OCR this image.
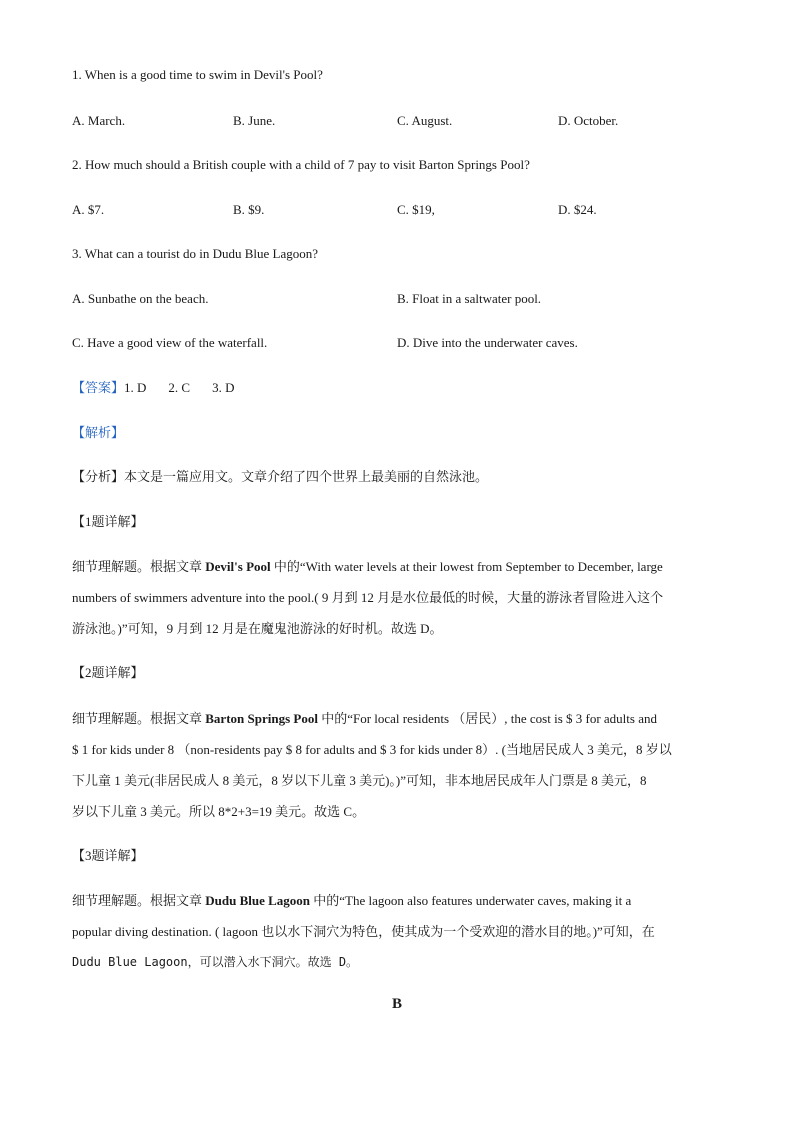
1. When is a good time to swim in Devil's Pool?
A. March.	B. June.	C. August.	D. October.
2. How much should a British couple with a child of 7 pay to visit Barton Springs Pool?
A. $7.	B. $9.	C. $19,	D. $24.
3. What can a tourist do in Dudu Blue Lagoon?
A. Sunbathe on the beach.	B. Float in a saltwater pool.
C. Have a good view of the waterfall.	D. Dive into the underwater caves.
【答案】1. D 2. C 3. D
【解析】
【分析】本文是一篇应用文。文章介绍了四个世界上最美丽的自然泳池。
【1题详解】
细节理解题。根据文章 Devil's Pool 中的“With water levels at their lowest from September to December, large
numbers of swimmers adventure into the pool.( 9 月到 12 月是水位最低的时候，大量的游泳者冒险进入这个
游泳池。)”可知，9 月到 12 月是在魔鬼池游泳的好时机。故选 D。
【2题详解】
细节理解题。根据文章 Barton Springs Pool 中的“For local residents （居民）, the cost is $ 3 for adults and
$ 1 for kids under 8 （non-residents pay $ 8 for adults and $ 3 for kids under 8）. (当地居民成人 3 美元，8 岁以
下儿童 1 美元(非居民成人 8 美元，8 岁以下儿童 3 美元)。)”可知，非本地居民成年人门票是 8 美元，8
岁以下儿童 3 美元。所以 8*2+3=19 美元。故选 C。
【3题详解】
细节理解题。根据文章 Dudu Blue Lagoon 中的“The lagoon also features underwater caves, making it a
popular diving destination. ( lagoon 也以水下洞穴为特色，使其成为一个受欢迎的潜水目的地。)”可知，在
Dudu Blue Lagoon，可以潜入水下洞穴。故选 D。
B
